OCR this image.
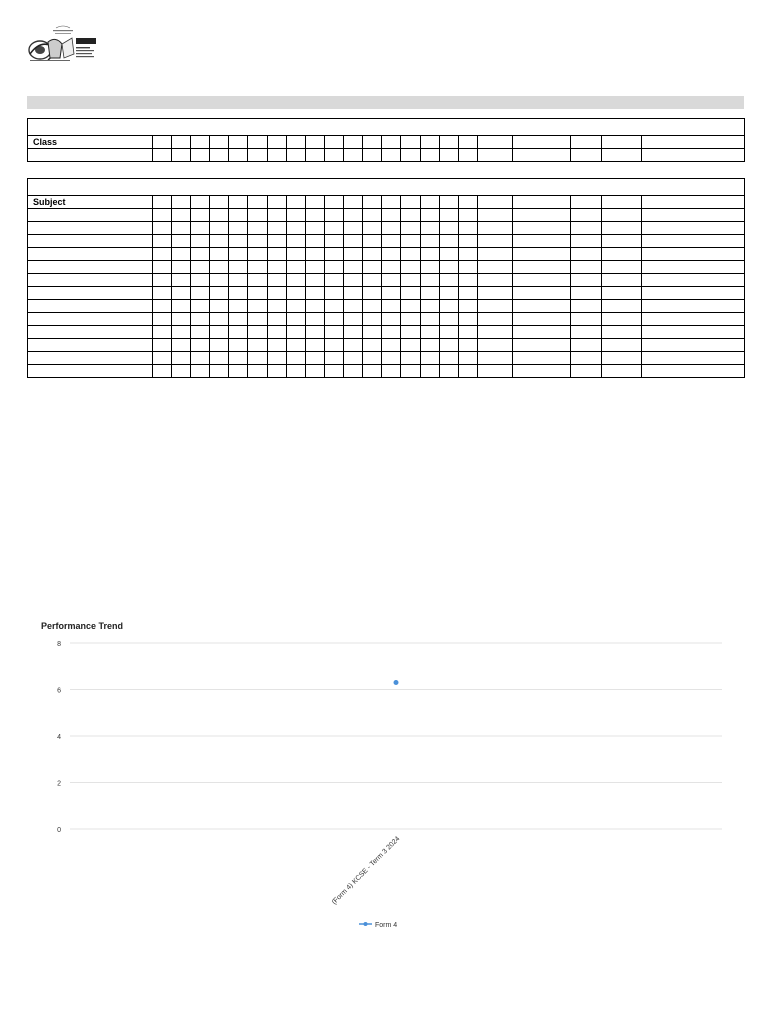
Class																						

Subject																						

Performance Trend
0
2
4
6
8
(Form 4) KCSE - Term 3 2024
Form 4
